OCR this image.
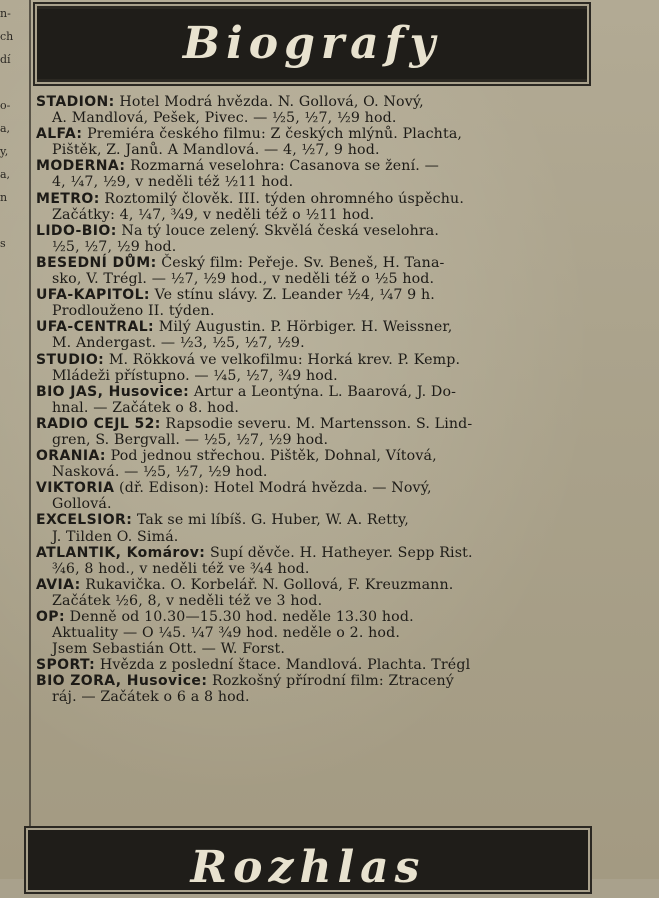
n-
ch
dí
o-
a,
y,
a,
n
s
Biografy
STADION: Hotel Modrá hvězda. N. Gollová, O. Nový,
A. Mandlová, Pešek, Pivec. — ½5, ½7, ½9 hod.
ALFA: Premiéra českého filmu: Z českých mlýnů. Plachta,
Pištěk, Z. Janů. A Mandlová. — 4, ½7, 9 hod.
MODERNA: Rozmarná veselohra: Casanova se žení. —
4, ¼7, ½9, v neděli též ½11 hod.
METRO: Roztomilý člověk. III. týden ohromného úspěchu.
Začátky: 4, ¼7, ¾9, v neděli též o ½11 hod.
LIDO-BIO: Na tý louce zelený. Skvělá česká veselohra.
½5, ½7, ½9 hod.
BESEDNÍ DŮM: Český film: Peřeje. Sv. Beneš, H. Tana-
sko, V. Trégl. — ½7, ½9 hod., v neděli též o ½5 hod.
UFA-KAPITOL: Ve stínu slávy. Z. Leander ½4, ¼7 9 h.
Prodlouženo II. týden.
UFA-CENTRAL: Milý Augustin. P. Hörbiger. H. Weissner,
M. Andergast. — ½3, ½5, ½7, ½9.
STUDIO: M. Rökková ve velkofilmu: Horká krev. P. Kemp.
Mládeži přístupno. — ¼5, ½7, ¾9 hod.
BIO JAS, Husovice: Artur a Leontýna. L. Baarová, J. Do-
hnal. — Začátek o 8. hod.
RADIO CEJL 52: Rapsodie severu. M. Martensson. S. Lind-
gren, S. Bergvall. — ½5, ½7, ½9 hod.
ORANIA: Pod jednou střechou. Pištěk, Dohnal, Vítová,
Nasková. — ½5, ½7, ½9 hod.
VIKTORIA (dř. Edison): Hotel Modrá hvězda. — Nový,
Gollová.
EXCELSIOR: Tak se mi líbíš. G. Huber, W. A. Retty,
J. Tilden O. Simá.
ATLANTIK, Komárov: Supí děvče. H. Hatheyer. Sepp Rist.
¾6, 8 hod., v neděli též ve ¾4 hod.
AVIA: Rukavička. O. Korbelář. N. Gollová, F. Kreuzmann.
Začátek ½6, 8, v neděli též ve 3 hod.
OP: Denně od 10.30—15.30 hod. neděle 13.30 hod.
Aktuality — O ¼5. ¼7 ¾9 hod. neděle o 2. hod.
Jsem Sebastián Ott. — W. Forst.
SPORT: Hvězda z poslední štace. Mandlová. Plachta. Trégl
BIO ZORA, Husovice: Rozkošný přírodní film: Ztracený
ráj. — Začátek o 6 a 8 hod.
Rozhlas
